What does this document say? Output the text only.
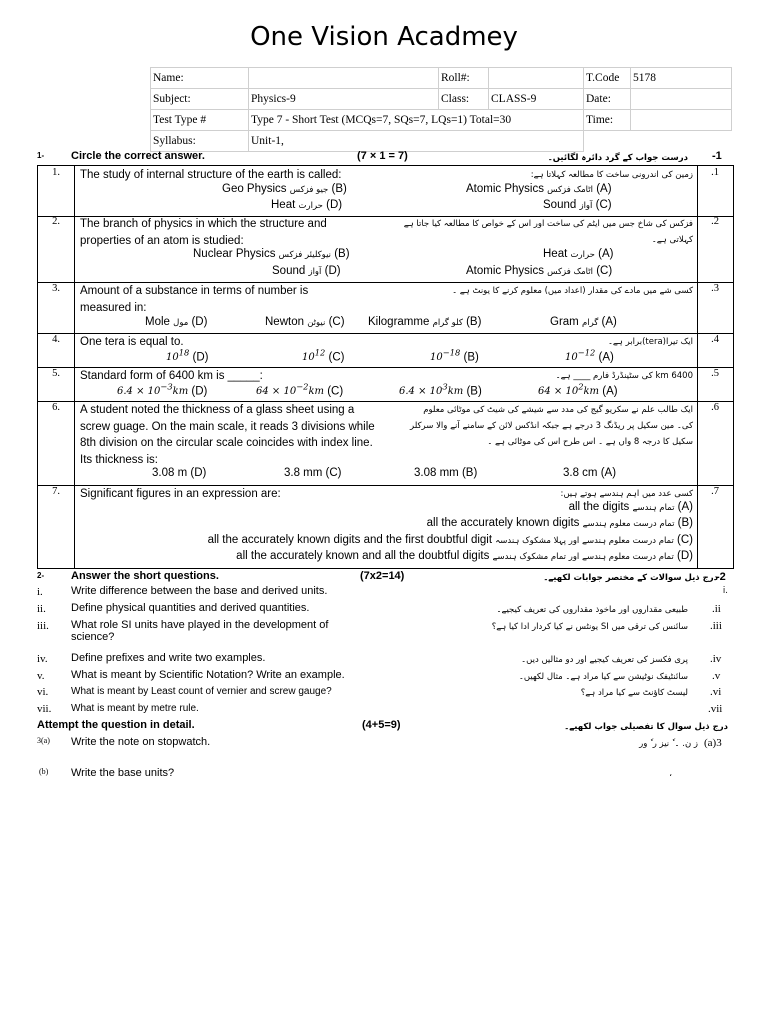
One Vision Acadmey
Name:		Roll#:		T.Code	5178
Subject:	Physics-9	Class:	CLASS-9	Date:	
Test Type #	Type 7 - Short Test (MCQs=7, SQs=7, LQs=1) Total=30			Time:	
Syllabus:	Unit-1,				
1- Circle the correct answer.	(7 × 1 = 7)	درست جواب کے گرد دائرہ لگائیں۔ -1
1.	.1
The study of internal structure of the earth is called:	زمین کی اندرونی ساخت کا مطالعہ کہلاتا ہے:
Atomic Physics اٹامک فزکس (A)
Geo Physics جیو فزکس (B)
Sound آواز (C)
Heat حرارت (D)
2.	.2
The branch of physics in which the structure and properties of an atom is studied:
فزکس کی شاخ جس میں ایٹم کی ساخت اور اس کے خواص کا مطالعہ کیا جاتا ہے کہلاتی ہے۔
Heat حرارت (A)
Nuclear Physics نیوکلیئر فزکس (B)
Atomic Physics اٹامک فزکس (C)
Sound آواز (D)
3.	.3
Amount of a substance in terms of number is measured in:
کسی شے میں مادے کی مقدار (اعداد میں) معلوم کرنے کا یونٹ ہے ۔
Gram گرام (A)
Kilogramme کلو گرام (B)
Newton نیوٹن (C)
Mole مول (D)
4.	.4
One tera is equal to.	ایک تیرا(tera)برابر ہے۔
$10^{-12}$ (A)
$10^{-18}$ (B)
$10^{12}$ (C)
$10^{18}$ (D)
5.	.5
Standard form of 6400 km is _____:	6400 km کی سٹینڈرڈ فارم ____ ہے۔
$64 \times 10^2km$ (A)
$6.4 \times 10^3km$ (B)
$64 \times 10^{-2}km$ (C)
$6.4 \times 10^{-3}km$ (D)
6.	.6
A student noted the thickness of a glass sheet using a screw guage. On the main scale, it reads 3 divisions while 8th division on the circular scale coincides with index line. Its thickness is:
ایک طالب علم نے سکریو گیج کی مدد سے شیشے کی شیٹ کی موٹائی معلوم کی۔ مین سکیل پر ریڈنگ 3 درجے ہے جبکہ انڈکس لائن کے سامنے آنے والا سرکلر سکیل کا درجہ 8 واں ہے ۔ اس طرح اس کی موٹائی ہے ۔
3.8 cm (A)
3.08 mm (B)
3.8 mm (C)
3.08 m (D)
7.	.7
Significant figures in an expression are:	کسی عدد میں اہم ہندسے ہوتے ہیں:
all the digits تمام ہندسے (A)
all the accurately known digits تمام درست معلوم ہندسے (B)
all the accurately known digits and the first doubtful digit تمام درست معلوم ہندسے اور پہلا مشکوک ہندسہ (C)
all the accurately known and all the doubtful digits تمام درست معلوم ہندسے اور تمام مشکوک ہندسے (D)
2- Answer the short questions.	(7x2=14)	درج ذیل سوالات کے مختصر جوابات لکھیے۔
-2
i.	Write difference between the base and derived units.	.i
ii. Define physical quantities and derived quantities.	طبیعی مقداروں اور ماخوذ مقداروں کی تعریف کیجیے۔ .ii
iii. What role SI units have played in the development of science?
سائنس کی ترقی میں SI یونٹس نے کیا کردار ادا کیا ہے؟ .iii
iv. Define prefixes and write two examples.	پری فکسز کی تعریف کیجیے اور دو مثالیں دیں۔ .iv
v. What is meant by Scientific Notation? Write an example.	سائنٹیفک نوٹیشن سے کیا مراد ہے۔ مثال لکھیں۔ .v
vi. What is meant by Least count of vernier and screw gauge?	لیسٹ کاؤنٹ سے کیا مراد ہے؟ .vi
vii. What is meant by metre rule.	.vii
Attempt the question in detail.	(4+5=9)	درج ذیل سوال کا تفصیلی جواب لکھیے۔
3(a) Write the note on stopwatch.	ز ن. ۔ ٗ نیز ر ٗ ور (a)3
(b) Write the base units?	،
